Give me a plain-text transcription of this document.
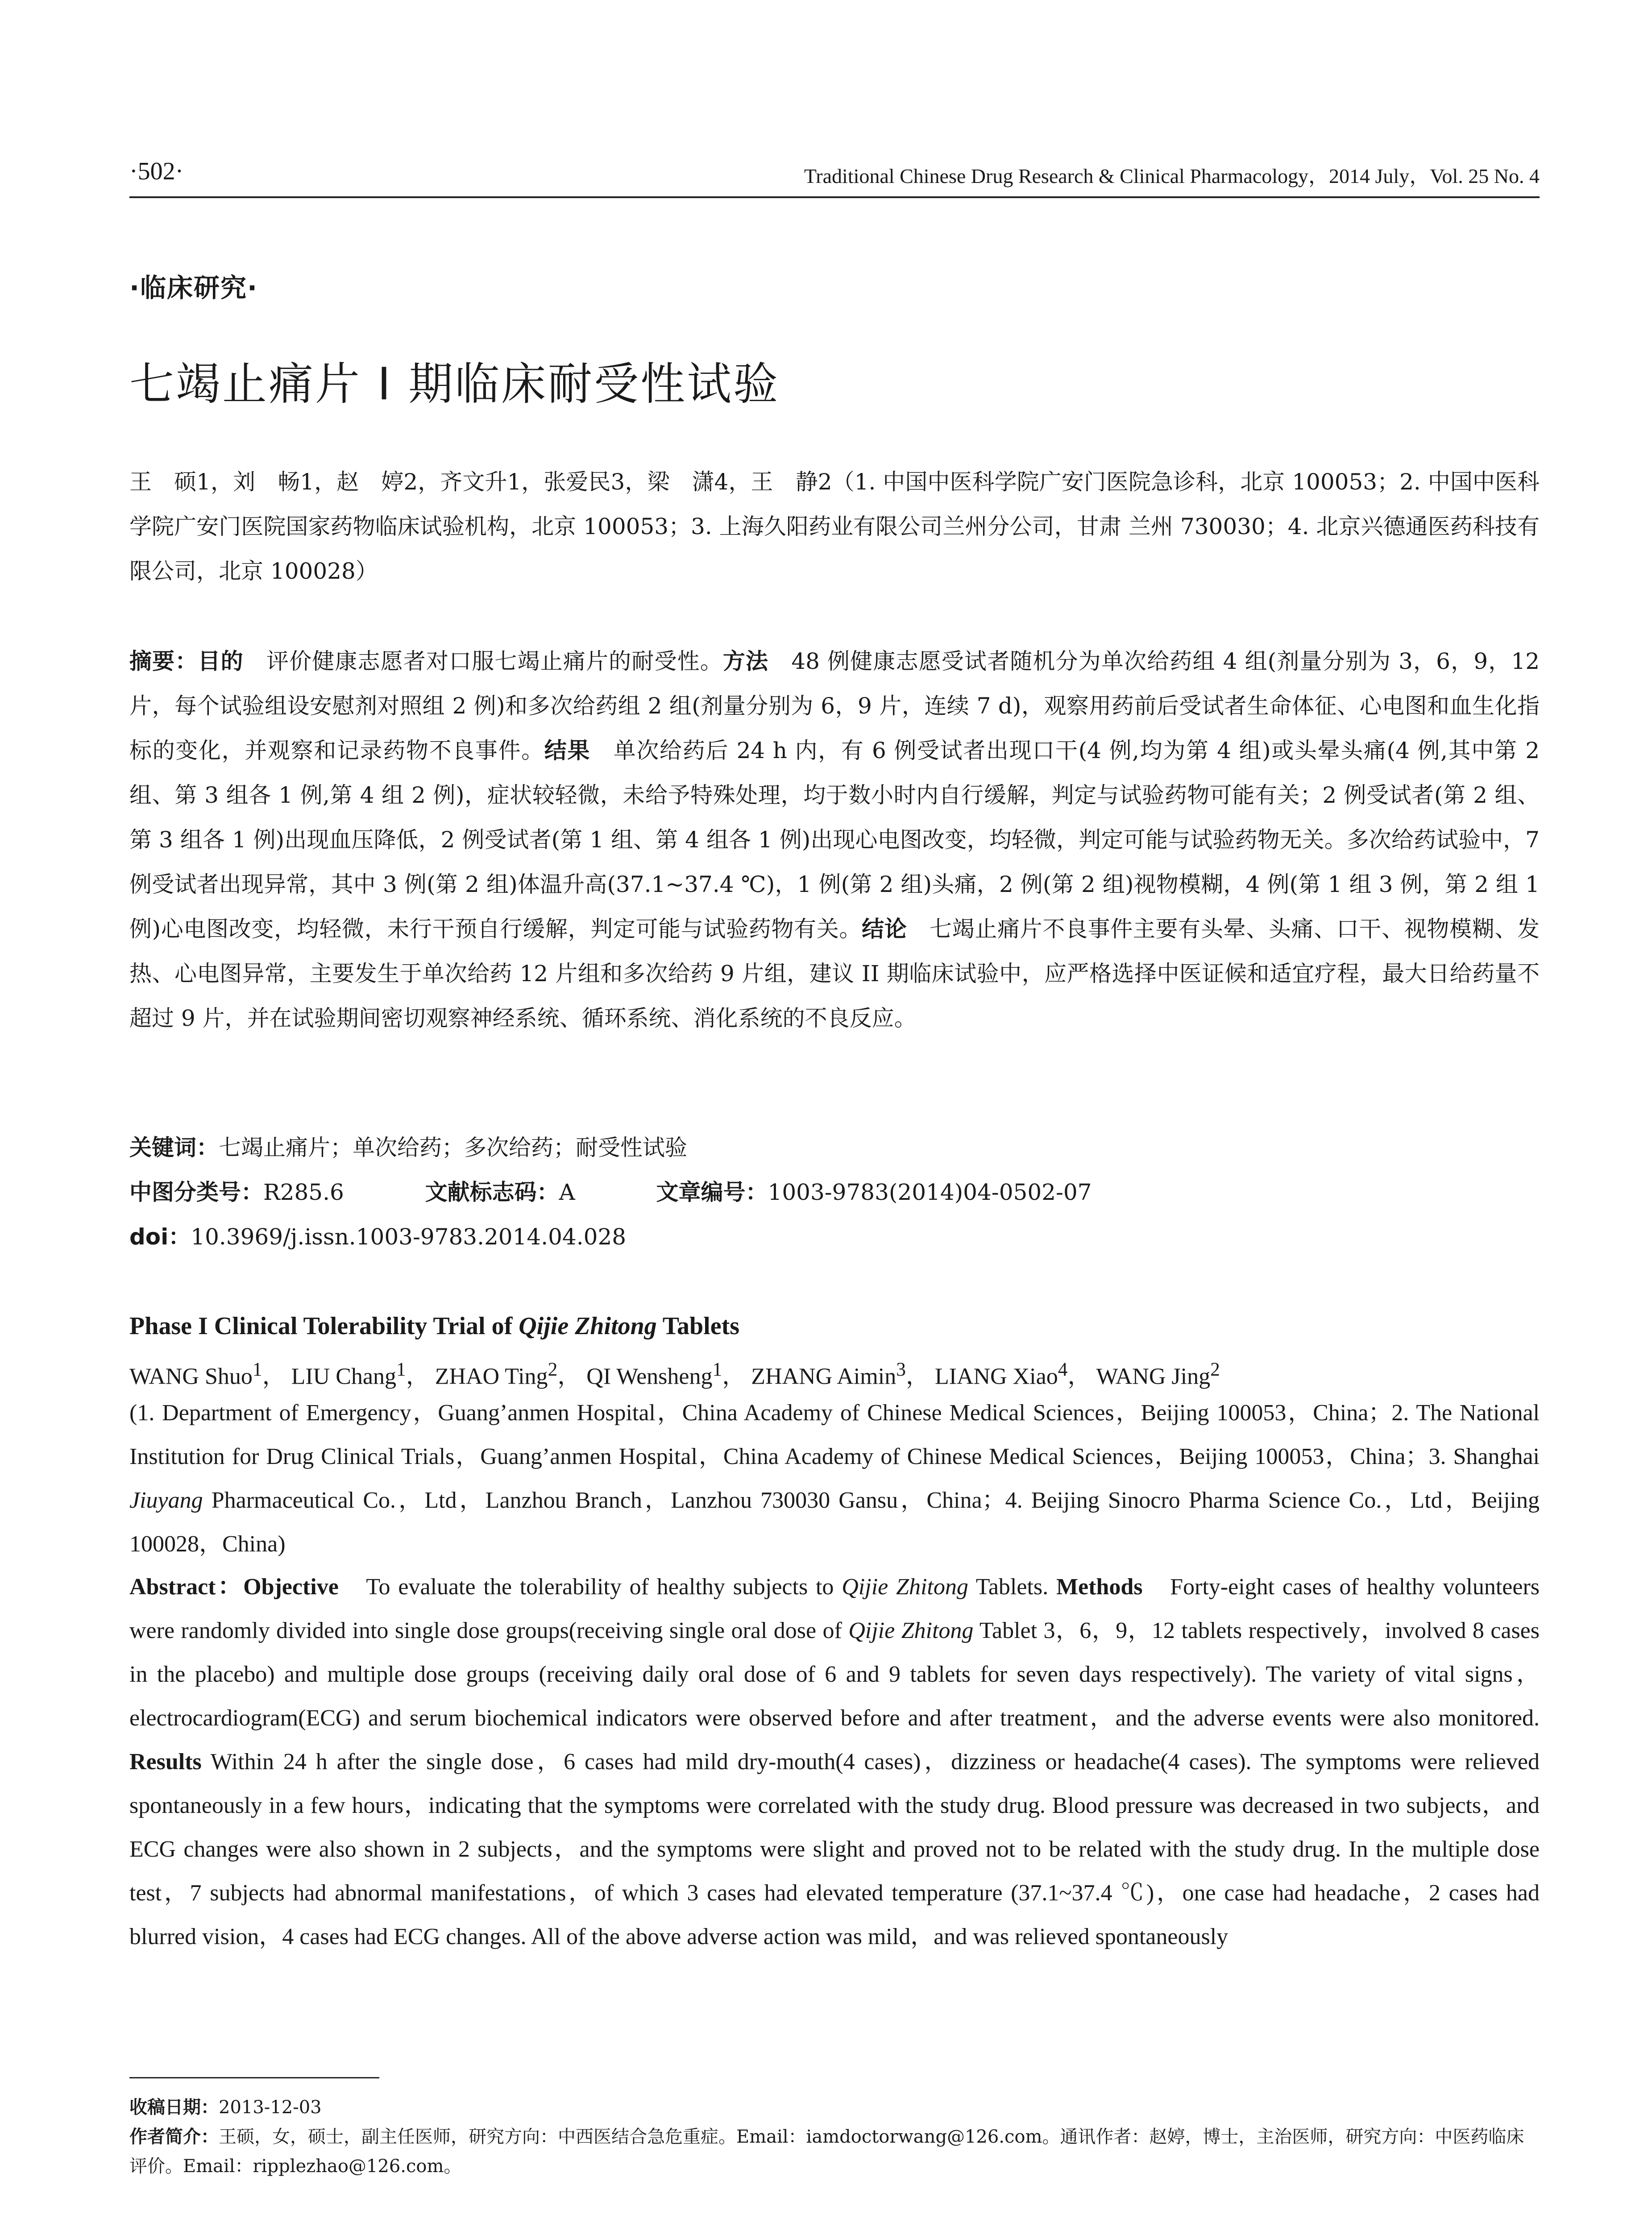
·502·	Traditional Chinese Drug Research & Clinical Pharmacology，2014 July，Vol. 25 No. 4
·临床研究·
七竭止痛片 I 期临床耐受性试验
王　硕1，刘　畅1，赵　婷2，齐文升1，张爱民3，梁　潇4，王　静2（1. 中国中医科学院广安门医院急诊科，北京 100053；2. 中国中医科学院广安门医院国家药物临床试验机构，北京 100053；3. 上海久阳药业有限公司兰州分公司，甘肃 兰州 730030；4. 北京兴德通医药科技有限公司，北京 100028）
摘要：目的　评价健康志愿者对口服七竭止痛片的耐受性。方法　48 例健康志愿受试者随机分为单次给药组 4 组(剂量分别为 3，6，9，12 片，每个试验组设安慰剂对照组 2 例)和多次给药组 2 组(剂量分别为 6，9 片，连续 7 d)，观察用药前后受试者生命体征、心电图和血生化指标的变化，并观察和记录药物不良事件。结果　单次给药后 24 h 内，有 6 例受试者出现口干(4 例,均为第 4 组)或头晕头痛(4 例,其中第 2 组、第 3 组各 1 例,第 4 组 2 例)，症状较轻微，未给予特殊处理，均于数小时内自行缓解，判定与试验药物可能有关；2 例受试者(第 2 组、第 3 组各 1 例)出现血压降低，2 例受试者(第 1 组、第 4 组各 1 例)出现心电图改变，均轻微，判定可能与试验药物无关。多次给药试验中，7 例受试者出现异常，其中 3 例(第 2 组)体温升高(37.1~37.4 ℃)，1 例(第 2 组)头痛，2 例(第 2 组)视物模糊，4 例(第 1 组 3 例，第 2 组 1 例)心电图改变，均轻微，未行干预自行缓解，判定可能与试验药物有关。结论　七竭止痛片不良事件主要有头晕、头痛、口干、视物模糊、发热、心电图异常，主要发生于单次给药 12 片组和多次给药 9 片组，建议 II 期临床试验中，应严格选择中医证候和适宜疗程，最大日给药量不超过 9 片，并在试验期间密切观察神经系统、循环系统、消化系统的不良反应。
关键词：七竭止痛片；单次给药；多次给药；耐受性试验
中图分类号：R285.6	文献标志码：A	文章编号：1003-9783(2014)04-0502-07
doi：10.3969/j.issn.1003-9783.2014.04.028
Phase I Clinical Tolerability Trial of Qijie Zhitong Tablets
WANG Shuo$^1$， LIU Chang$^1$， ZHAO Ting$^2$， QI Wensheng$^1$， ZHANG Aimin$^3$， LIANG Xiao$^4$， WANG Jing$^2$
(1. Department of Emergency，Guang’anmen Hospital，China Academy of Chinese Medical Sciences，Beijing 100053，China；2. The National Institution for Drug Clinical Trials，Guang’anmen Hospital，China Academy of Chinese Medical Sciences，Beijing 100053，China；3. Shanghai Jiuyang Pharmaceutical Co.，Ltd，Lanzhou Branch，Lanzhou 730030 Gansu，China；4. Beijing Sinocro Pharma Science Co.，Ltd，Beijing 100028，China)
Abstract：Objective　To evaluate the tolerability of healthy subjects to Qijie Zhitong Tablets. Methods　Forty-eight cases of healthy volunteers were randomly divided into single dose groups(receiving single oral dose of Qijie Zhitong Tablet 3，6，9，12 tablets respectively，involved 8 cases in the placebo) and multiple dose groups (receiving daily oral dose of 6 and 9 tablets for seven days respectively). The variety of vital signs，electrocardiogram(ECG) and serum biochemical indicators were observed before and after treatment，and the adverse events were also monitored. Results Within 24 h after the single dose，6 cases had mild dry-mouth(4 cases)，dizziness or headache(4 cases). The symptoms were relieved spontaneously in a few hours，indicating that the symptoms were correlated with the study drug. Blood pressure was decreased in two subjects，and ECG changes were also shown in 2 subjects，and the symptoms were slight and proved not to be related with the study drug. In the multiple dose test，7 subjects had abnormal manifestations，of which 3 cases had elevated temperature (37.1~37.4 ℃)，one case had headache，2 cases had blurred vision，4 cases had ECG changes. All of the above adverse action was mild，and was relieved spontaneously
收稿日期：2013-12-03
作者简介：王硕，女，硕士，副主任医师，研究方向：中西医结合急危重症。Email：iamdoctorwang@126.com。通讯作者：赵婷，博士，主治医师，研究方向：中医药临床评价。Email：ripplezhao@126.com。
